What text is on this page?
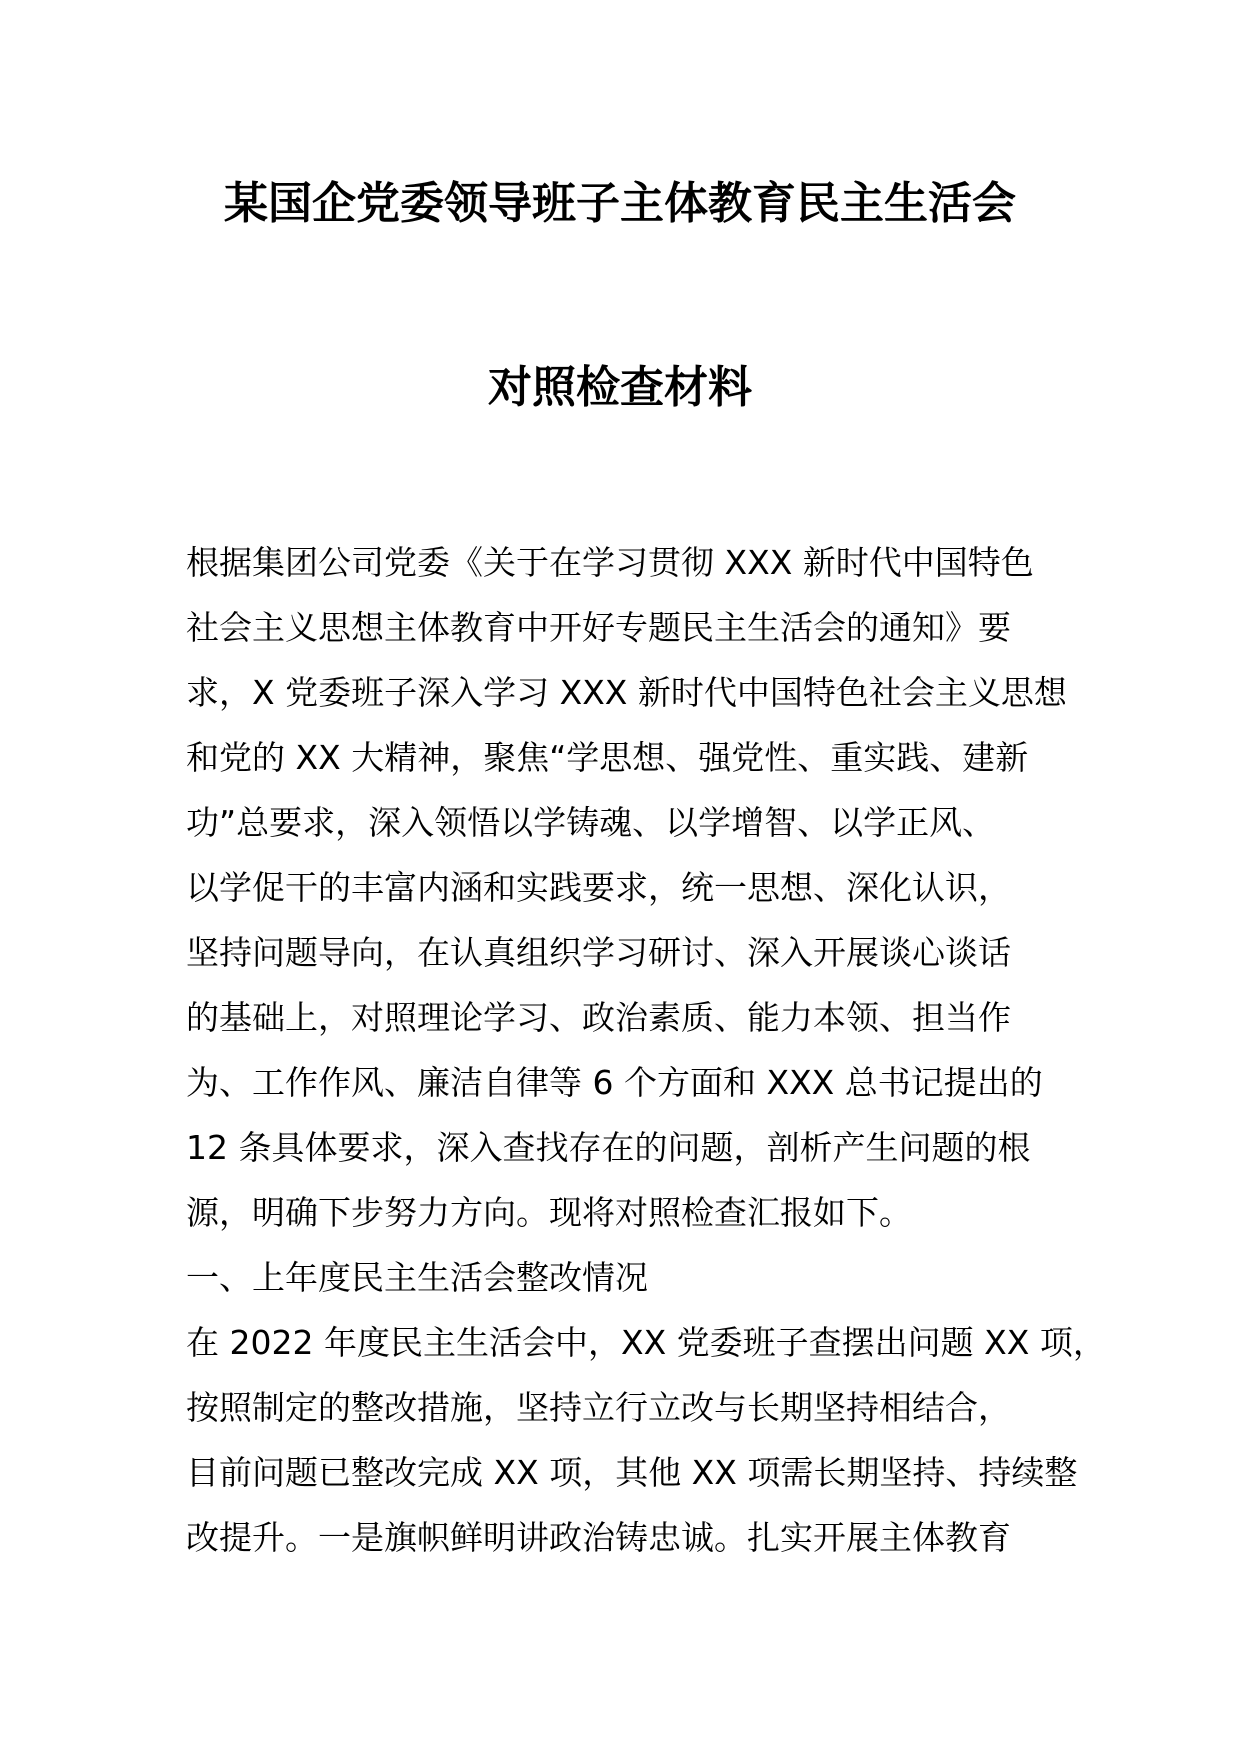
某国企党委领导班子主体教育民主生活会
对照检查材料
根据集团公司党委《关于在学习贯彻 XXX 新时代中国特色
社会主义思想主体教育中开好专题民主生活会的通知》要
求，X 党委班子深入学习 XXX 新时代中国特色社会主义思想
和党的 XX 大精神，聚焦“学思想、强党性、重实践、建新
功”总要求，深入领悟以学铸魂、以学增智、以学正风、
以学促干的丰富内涵和实践要求，统一思想、深化认识，
坚持问题导向，在认真组织学习研讨、深入开展谈心谈话
的基础上，对照理论学习、政治素质、能力本领、担当作
为、工作作风、廉洁自律等 6 个方面和 XXX 总书记提出的
12 条具体要求，深入查找存在的问题，剖析产生问题的根
源，明确下步努力方向。现将对照检查汇报如下。
一、上年度民主生活会整改情况
在 2022 年度民主生活会中，XX 党委班子查摆出问题 XX 项，
按照制定的整改措施，坚持立行立改与长期坚持相结合，
目前问题已整改完成 XX 项，其他 XX 项需长期坚持、持续整
改提升。一是旗帜鲜明讲政治铸忠诚。扎实开展主体教育
